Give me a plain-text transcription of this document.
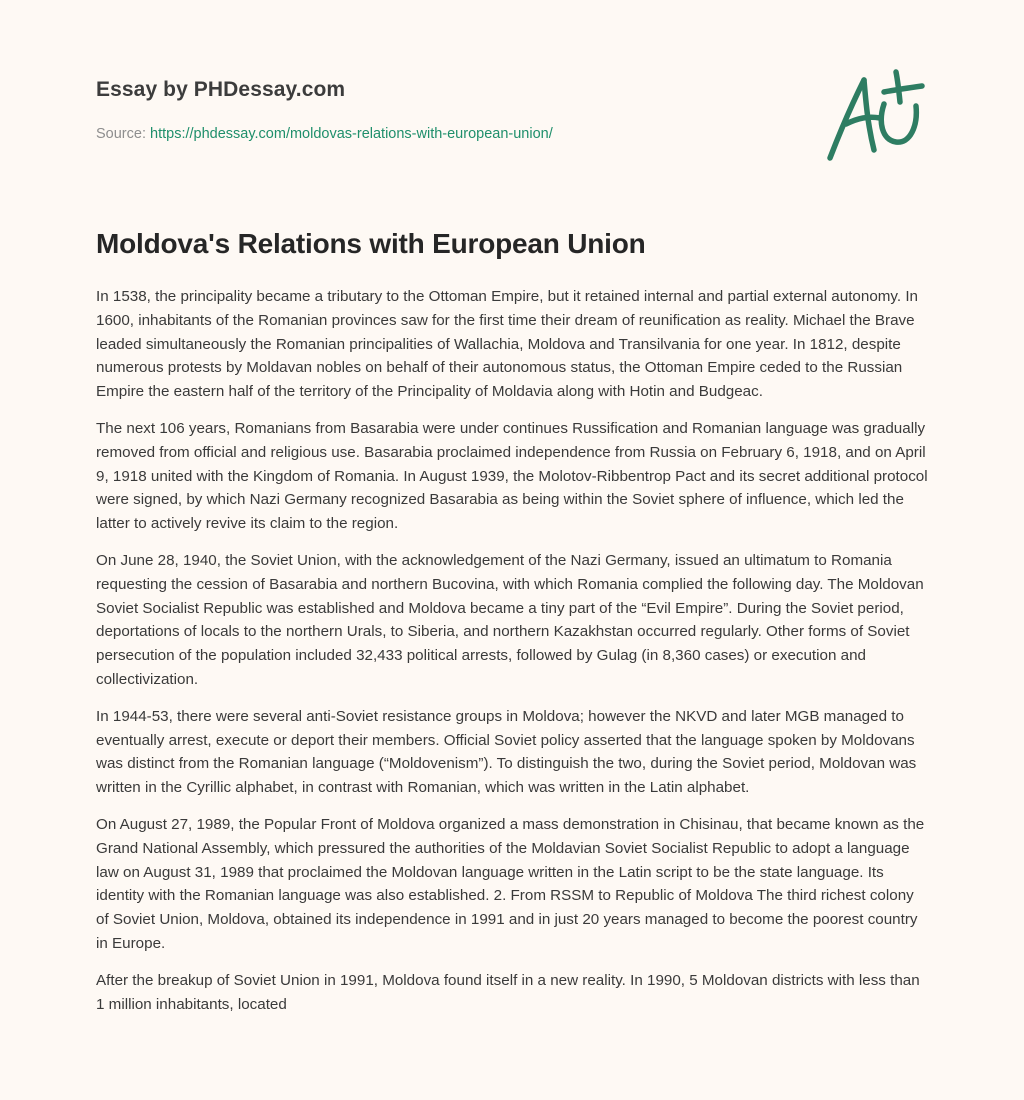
Essay by PHDessay.com
Source: https://phdessay.com/moldovas-relations-with-european-union/
Moldova's Relations with European Union

In 1538, the principality became a tributary to the Ottoman Empire, but it retained internal and partial external autonomy. In 1600, inhabitants of the Romanian provinces saw for the first time their dream of reunification as reality. Michael the Brave leaded simultaneously the Romanian principalities of Wallachia, Moldova and Transilvania for one year. In 1812, despite numerous protests by Moldavan nobles on behalf of their autonomous status, the Ottoman Empire ceded to the Russian Empire the eastern half of the territory of the Principality of Moldavia along with Hotin and Budgeac.

The next 106 years, Romanians from Basarabia were under continues Russification and Romanian language was gradually removed from official and religious use. Basarabia proclaimed independence from Russia on February 6, 1918, and on April 9, 1918 united with the Kingdom of Romania. In August 1939, the Molotov-Ribbentrop Pact and its secret additional protocol were signed, by which Nazi Germany recognized Basarabia as being within the Soviet sphere of influence, which led the latter to actively revive its claim to the region.

On June 28, 1940, the Soviet Union, with the acknowledgement of the Nazi Germany, issued an ultimatum to Romania requesting the cession of Basarabia and northern Bucovina, with which Romania complied the following day. The Moldovan Soviet Socialist Republic was established and Moldova became a tiny part of the “Evil Empire”. During the Soviet period, deportations of locals to the northern Urals, to Siberia, and northern Kazakhstan occurred regularly. Other forms of Soviet persecution of the population included 32,433 political arrests, followed by Gulag (in 8,360 cases) or execution and collectivization.

In 1944-53, there were several anti-Soviet resistance groups in Moldova; however the NKVD and later MGB managed to eventually arrest, execute or deport their members. Official Soviet policy asserted that the language spoken by Moldovans was distinct from the Romanian language (“Moldovenism”). To distinguish the two, during the Soviet period, Moldovan was written in the Cyrillic alphabet, in contrast with Romanian, which was written in the Latin alphabet.

On August 27, 1989, the Popular Front of Moldova organized a mass demonstration in Chisinau, that became known as the Grand National Assembly, which pressured the authorities of the Moldavian Soviet Socialist Republic to adopt a language law on August 31, 1989 that proclaimed the Moldovan language written in the Latin script to be the state language. Its identity with the Romanian language was also established. 2. From RSSM to Republic of Moldova The third richest colony of Soviet Union, Moldova, obtained its independence in 1991 and in just 20 years managed to become the poorest country in Europe.

After the breakup of Soviet Union in 1991, Moldova found itself in a new reality. In 1990, 5 Moldovan districts with less than 1 million inhabitants, located
